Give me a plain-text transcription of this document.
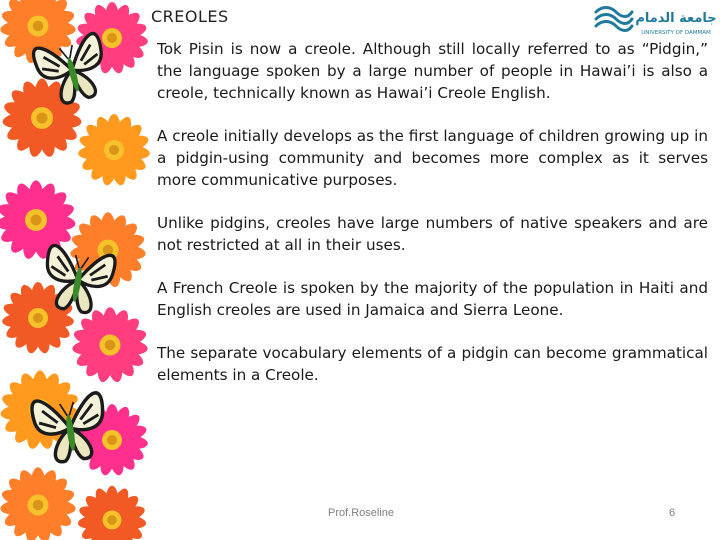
CREOLES	جامعة الدمام
UNIVERSITY OF DAMMAM

Tok Pisin is now a creole. Although still locally referred to as “Pidgin,” the language spoken by a large number of people in Hawai’i is also a creole, technically known as Hawai’i Creole English.

A creole initially develops as the first language of children growing up in a pidgin-using community and becomes more complex as it serves more communicative purposes.

Unlike pidgins, creoles have large numbers of native speakers and are not restricted at all in their uses.

A French Creole is spoken by the majority of the population in Haiti and English creoles are used in Jamaica and Sierra Leone.

The separate vocabulary elements of a pidgin can become grammatical elements in a Creole.

Prof.Roseline	6
